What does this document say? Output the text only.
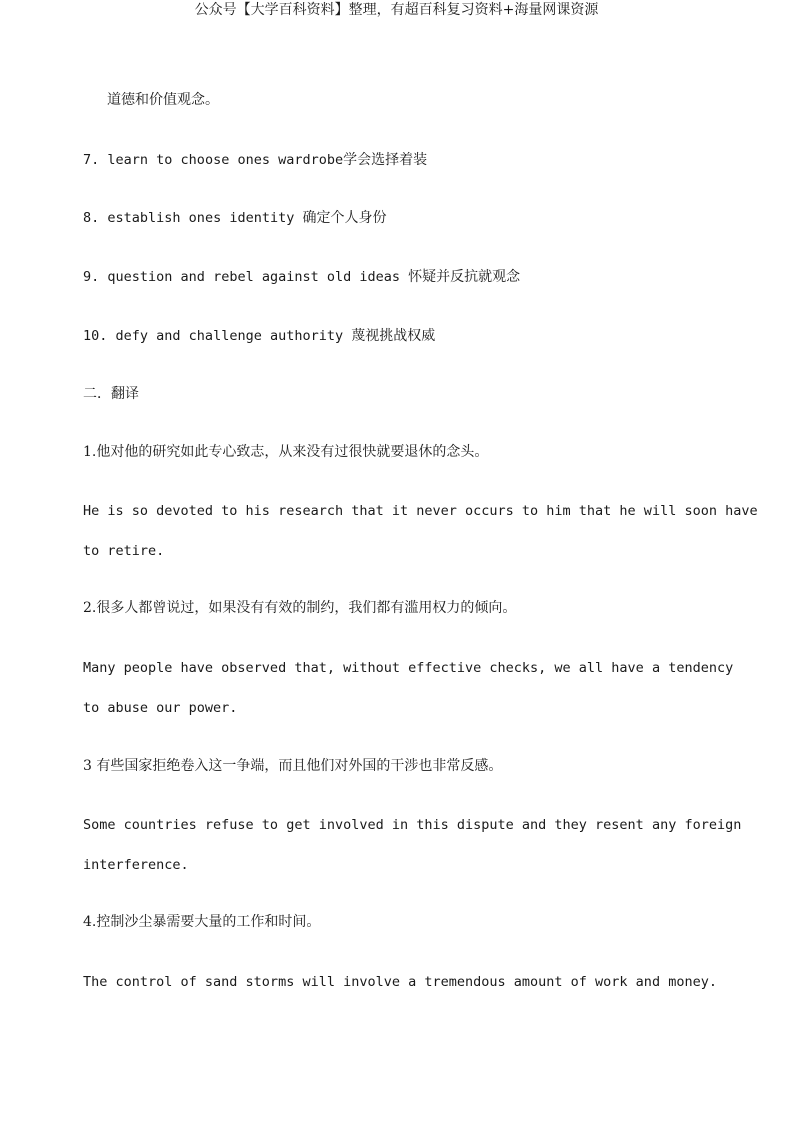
公众号【大学百科资料】整理，有超百科复习资料+海量网课资源
道德和价值观念。
7. learn to choose ones wardrobe学会选择着装
8. establish ones identity 确定个人身份
9. question and rebel against old ideas 怀疑并反抗就观念
10. defy and challenge authority 蔑视挑战权威
二．翻译
1.他对他的研究如此专心致志，从来没有过很快就要退休的念头。
He is so devoted to his research that it never occurs to him that he will soon have
to retire.
2.很多人都曾说过，如果没有有效的制约，我们都有滥用权力的倾向。
Many people have observed that, without effective checks, we all have a tendency
to abuse our power.
3 有些国家拒绝卷入这一争端，而且他们对外国的干涉也非常反感。
Some countries refuse to get involved in this dispute and they resent any foreign
interference.
4.控制沙尘暴需要大量的工作和时间。
The control of sand storms will involve a tremendous amount of work and money.
